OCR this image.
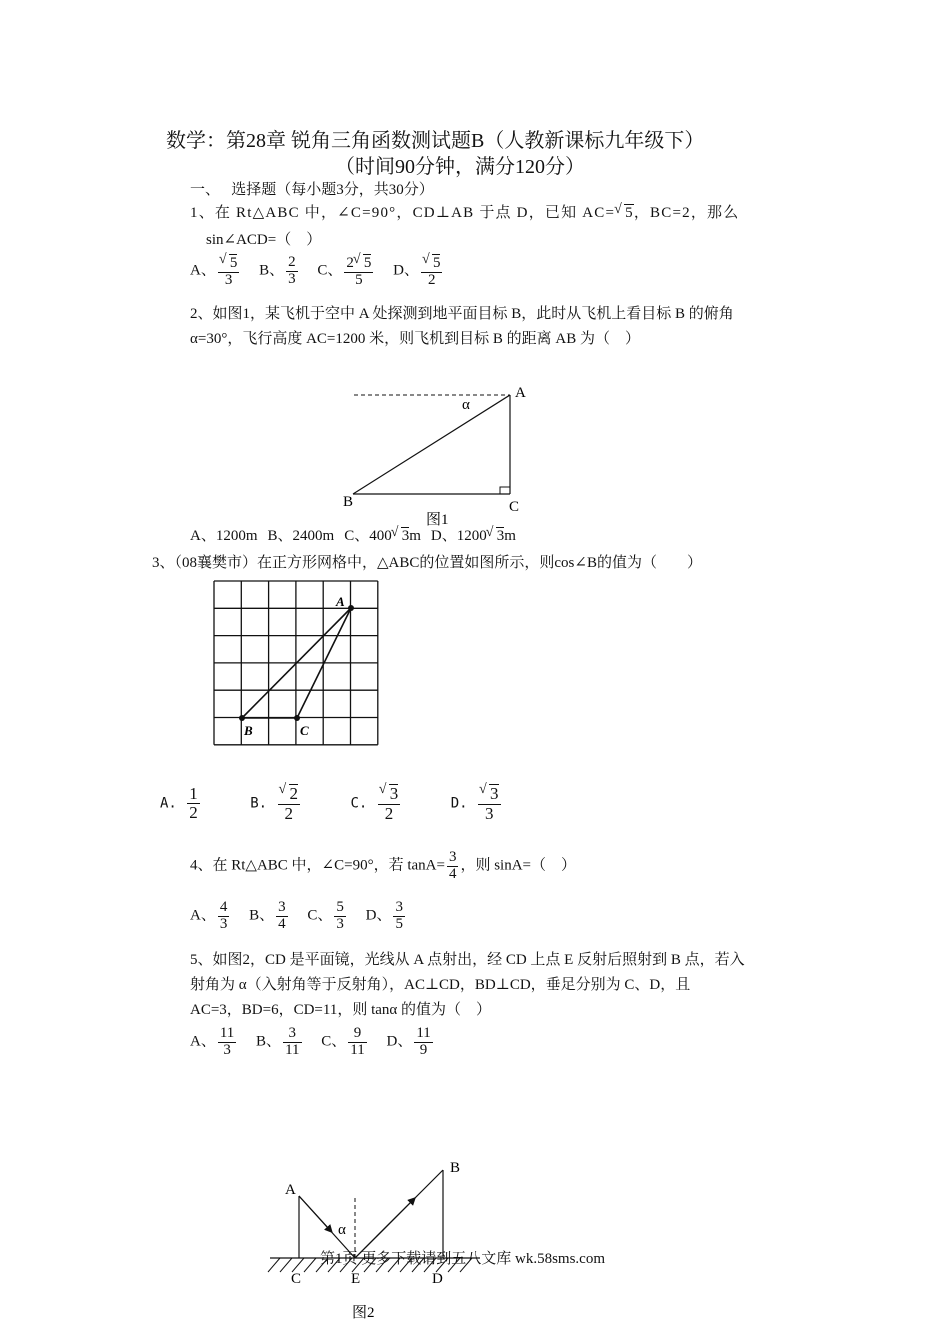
数学：第28章 锐角三角函数测试题B（人教新课标九年级下）
（时间90分钟，满分120分）
一、　 选择题（每小题3分，共30分）
1、在 Rt△ABC 中，∠C=90°，CD⊥AB 于点 D，已知 AC= √ 5，BC=2，那么
sin∠ACD=（　）
A、 √ $\frac{5}{3}$ B、 $\frac{2}{3}$ C、 $\frac{2 √ 5}{5}$ D、 √ $\frac{5}{2}$
2、如图1，某飞机于空中 A 处探测到地平面目标 B，此时从飞机上看目标 B 的俯角
α=30°，飞行高度 AC=1200 米，则飞机到目标 B 的距离 AB 为（　）
A
α
B	C
图1
A、1200m B、2400m C、400 √ 3m D、1200 √ 3m
3、（08襄樊市）在正方形网格中，△ABC的位置如图所示，则cos∠B的值为（　　）
A
B	C
A. $\frac{1}{2}$	B. √ $\frac{2}{2}$	C. √ $\frac{3}{2}$	D. √ $\frac{3}{3}$
4、在 Rt△ABC 中，∠C=90°，若 $\tan A= \frac{3}{4}$ ，则 sinA=（　）
A、 $\frac{4}{3}$ B、 $\frac{3}{4}$ C、 $\frac{5}{3}$ D、 $\frac{3}{5}$
5、如图2，CD 是平面镜，光线从 A 点射出，经 CD 上点 E 反射后照射到 B 点，若入
射角为 α（入射角等于反射角），AC⊥CD，BD⊥CD，垂足分别为 C、D，且
AC=3，BD=6，CD=11，则 tanα 的值为（　）
A、 $\frac{11}{3}$ B、 $\frac{3}{11}$ C、 $\frac{9}{11}$ D、 $\frac{11}{9}$
A
B
α
C	E	D
图2
第1页 更多下载请到五八文库 wk.58sms.com
